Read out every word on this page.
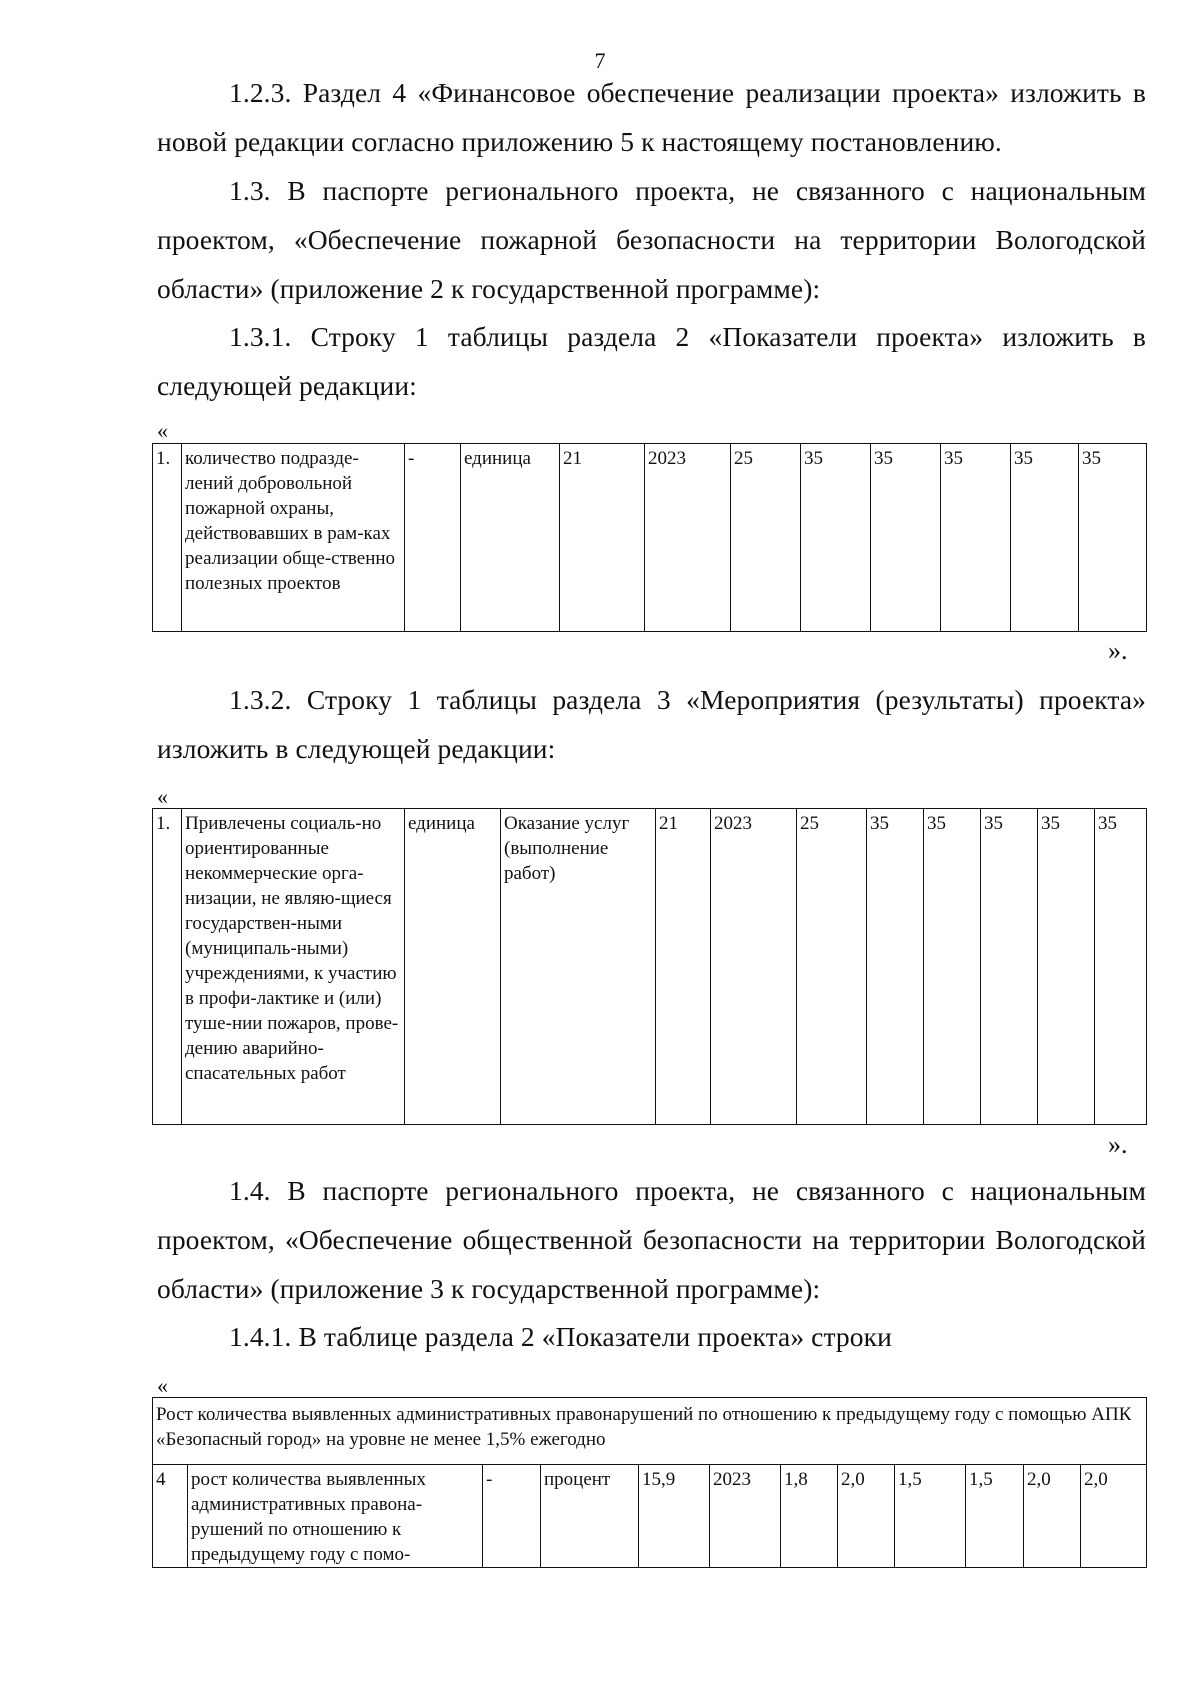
7

1.2.3. Раздел 4 «Финансовое обеспечение реализации проекта» изложить в новой редакции согласно приложению 5 к настоящему постановлению.

1.3. В паспорте регионального проекта, не связанного с национальным проектом, «Обеспечение пожарной безопасности на территории Вологодской области» (приложение 2 к государственной программе):

1.3.1. Строку 1 таблицы раздела 2 «Показатели проекта» изложить в следующей редакции:

«
1.	количество подразде-лений добровольной пожарной охраны, действовавших в рам-ках реализации обще-ственно полезных проектов	-	единица	21	2023	25	35	35	35	35	35
».

1.3.2. Строку 1 таблицы раздела 3 «Мероприятия (результаты) проекта» изложить в следующей редакции:

«
1.	Привлечены социаль-но ориентированные некоммерческие орга-низации, не являю-щиеся государствен-ными (муниципаль-ными) учреждениями, к участию в профи-лактике и (или) туше-нии пожаров, прове-дению аварийно-спасательных работ	единица	Оказание услуг (выполнение работ)	21	2023	25	35	35	35	35	35
».

1.4. В паспорте регионального проекта, не связанного с национальным проектом, «Обеспечение общественной безопасности на территории Вологодской области» (приложение 3 к государственной программе):

1.4.1. В таблице раздела 2 «Показатели проекта» строки

«
Рост количества выявленных административных правонарушений по отношению к предыдущему году с помощью АПК «Безопасный город» на уровне не менее 1,5% ежегодно
4	рост количества выявленных административных правона-рушений по отношению к предыдущему году с помо-	-	процент	15,9	2023	1,8	2,0	1,5	1,5	2,0	2,0
